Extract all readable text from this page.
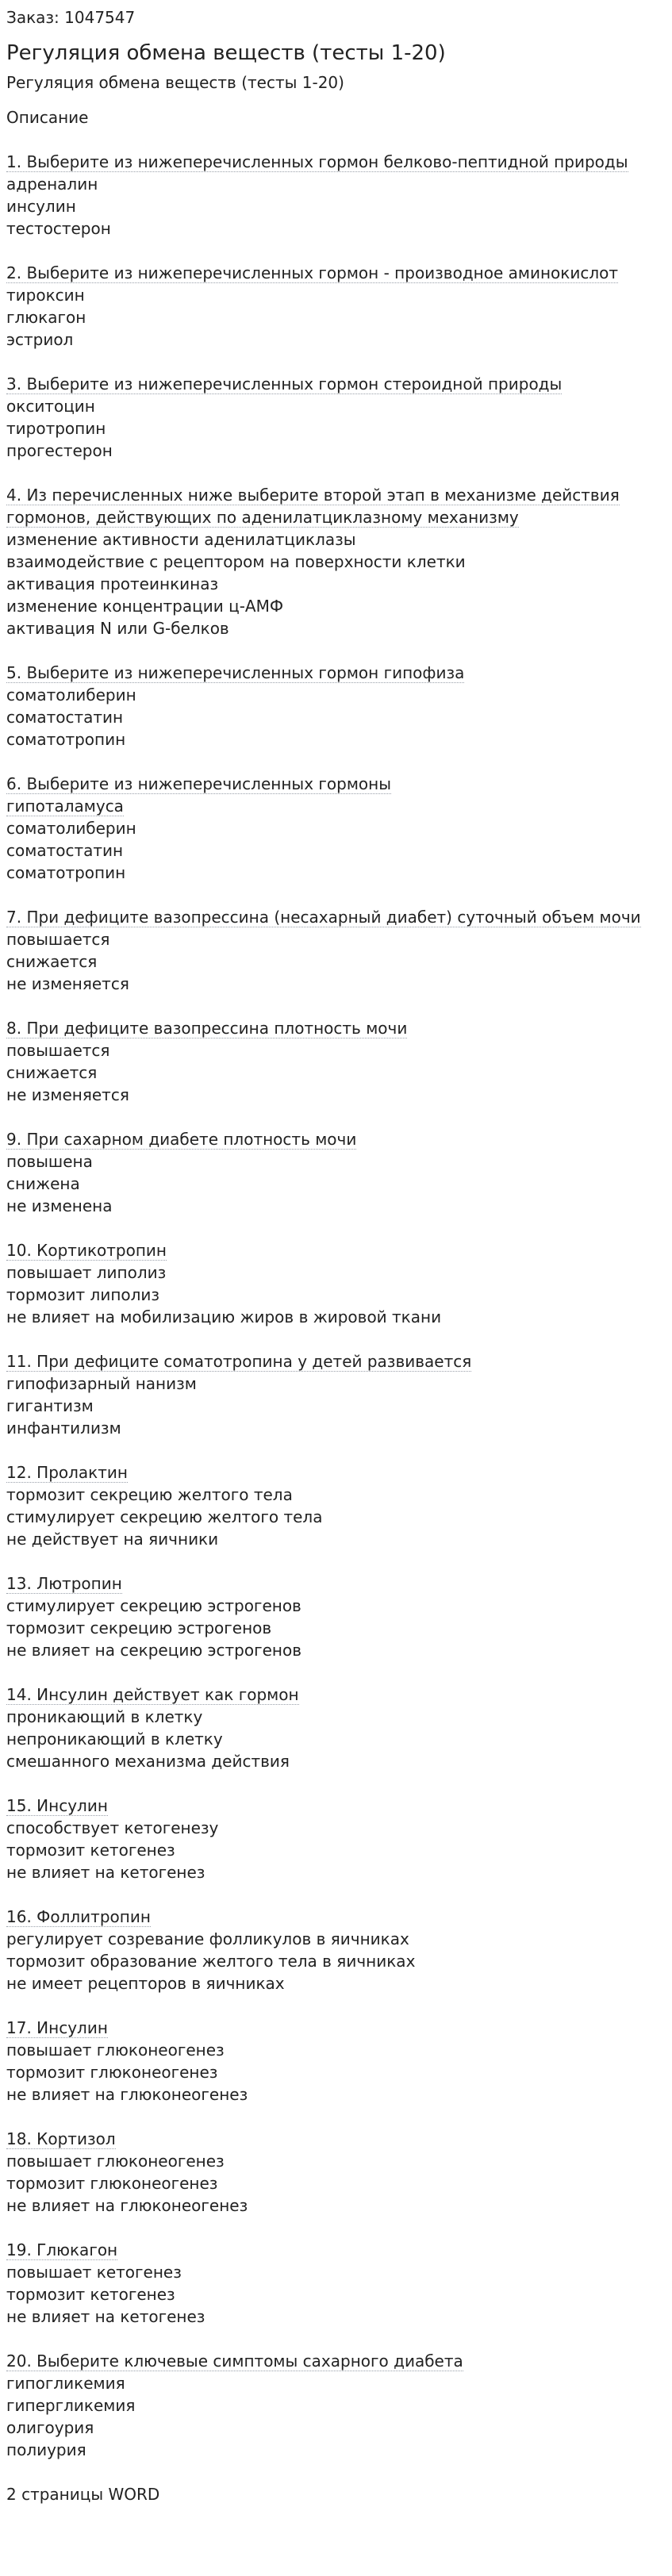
Заказ: 1047547
Регуляция обмена веществ (тесты 1-20)
Регуляция обмена веществ (тесты 1-20)
Описание
1. Выберите из нижеперечисленных гормон белково-пептидной природы
адреналин
инсулин
тестостерон
2. Выберите из нижеперечисленных гормон - производное аминокислот
тироксин
глюкагон
эстриол
3. Выберите из нижеперечисленных гормон стероидной природы
окситоцин
тиротропин
прогестерон
4. Из перечисленных ниже выберите второй этап в механизме действия
гормонов, действующих по аденилатциклазному механизму
изменение активности аденилатциклазы
взаимодействие с рецептором на поверхности клетки
активация протеинкиназ
изменение концентрации ц-АМФ
активация N или G-белков
5. Выберите из нижеперечисленных гормон гипофиза
соматолиберин
соматостатин
соматотропин
6. Выберите из нижеперечисленных гормоны
гипоталамуса
соматолиберин
соматостатин
соматотропин
7. При дефиците вазопрессина (несахарный диабет) суточный объем мочи
повышается
снижается
не изменяется
8. При дефиците вазопрессина плотность мочи
повышается
снижается
не изменяется
9. При сахарном диабете плотность мочи
повышена
снижена
не изменена
10. Кортикотропин
повышает липолиз
тормозит липолиз
не влияет на мобилизацию жиров в жировой ткани
11. При дефиците соматотропина у детей развивается
гипофизарный нанизм
гигантизм
инфантилизм
12. Пролактин
тормозит секрецию желтого тела
стимулирует секрецию желтого тела
не действует на яичники
13. Лютропин
стимулирует секрецию эстрогенов
тормозит секрецию эстрогенов
не влияет на секрецию эстрогенов
14. Инсулин действует как гормон
проникающий в клетку
непроникающий в клетку
смешанного механизма действия
15. Инсулин
способствует кетогенезу
тормозит кетогенез
не влияет на кетогенез
16. Фоллитропин
регулирует созревание фолликулов в яичниках
тормозит образование желтого тела в яичниках
не имеет рецепторов в яичниках
17. Инсулин
повышает глюконеогенез
тормозит глюконеогенез
не влияет на глюконеогенез
18. Кортизол
повышает глюконеогенез
тормозит глюконеогенез
не влияет на глюконеогенез
19. Глюкагон
повышает кетогенез
тормозит кетогенез
не влияет на кетогенез
20. Выберите ключевые симптомы сахарного диабета
гипогликемия
гипергликемия
олигоурия
полиурия
2 страницы WORD
